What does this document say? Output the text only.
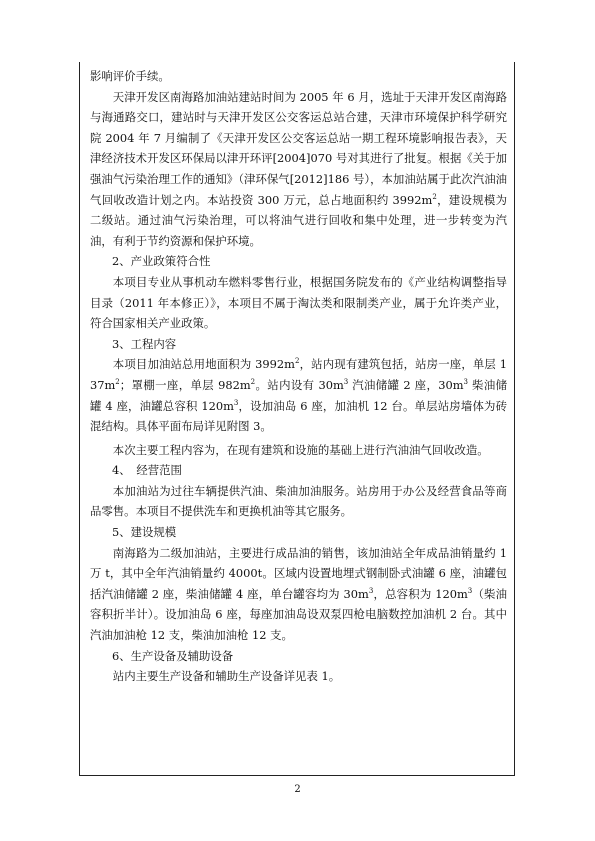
影响评价手续。

天津开发区南海路加油站建站时间为 2005 年 6 月，选址于天津开发区南海路与海通路交口，建站时与天津开发区公交客运总站合建，天津市环境保护科学研究院 2004 年 7 月编制了《天津开发区公交客运总站一期工程环境影响报告表》，天津经济技术开发区环保局以津开环评[2004]070 号对其进行了批复。根据《关于加强油气污染治理工作的通知》（津环保气[2012]186 号），本加油站属于此次汽油油气回收改造计划之内。本站投资 300 万元，总占地面积约 $3992m^2$，建设规模为二级站。通过油气污染治理，可以将油气进行回收和集中处理，进一步转变为汽油，有利于节约资源和保护环境。

2、产业政策符合性

本项目专业从事机动车燃料零售行业，根据国务院发布的《产业结构调整指导目录（2011 年本修正）》，本项目不属于淘汰类和限制类产业，属于允许类产业，符合国家相关产业政策。

3、工程内容

本项目加油站总用地面积为 $3992m^2$，站内现有建筑包括，站房一座，单层 $137m^2$；罩棚一座，单层 $982m^2$。站内设有 $30m^3$ 汽油储罐 2 座，$30m^3$ 柴油储罐 4 座，油罐总容积 $120m^3$，设加油岛 6 座，加油机 12 台。单层站房墙体为砖混结构。具体平面布局详见附图 3。

本次主要工程内容为，在现有建筑和设施的基础上进行汽油油气回收改造。

4、　经营范围

本加油站为过往车辆提供汽油、柴油加油服务。站房用于办公及经营食品等商品零售。本项目不提供洗车和更换机油等其它服务。

5、建设规模

南海路为二级加油站，主要进行成品油的销售，该加油站全年成品油销量约 1 万 t，其中全年汽油销量约 4000t。区域内设置地埋式钢制卧式油罐 6 座，油罐包括汽油储罐 2 座，柴油储罐 4 座，单台罐容均为 $30m^3$，总容积为 $120m^3$（柴油容积折半计）。设加油岛 6 座，每座加油岛设双泵四枪电脑数控加油机 2 台。其中汽油加油枪 12 支，柴油加油枪 12 支。

6、生产设备及辅助设备

站内主要生产设备和辅助生产设备详见表 1。

2
